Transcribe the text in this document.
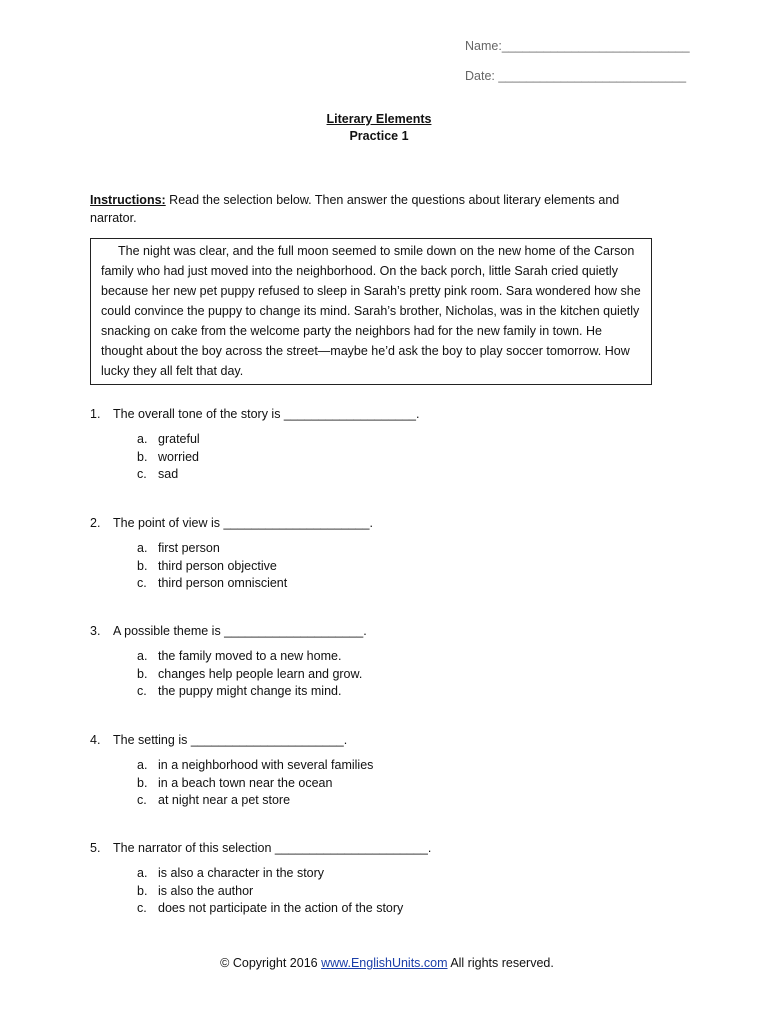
Name:___________________________
Date: ___________________________
Literary Elements
Practice 1
Instructions: Read the selection below. Then answer the questions about literary elements and narrator.

The night was clear, and the full moon seemed to smile down on the new home of the Carson family who had just moved into the neighborhood. On the back porch, little Sarah cried quietly because her new pet puppy refused to sleep in Sarah’s pretty pink room. Sara wondered how she could convince the puppy to change its mind. Sarah’s brother, Nicholas, was in the kitchen quietly snacking on cake from the welcome party the neighbors had for the new family in town. He thought about the boy across the street—maybe he’d ask the boy to play soccer tomorrow. How lucky they all felt that day.

1. The overall tone of the story is ___________________.
a. grateful
b. worried
c. sad
2. The point of view is _____________________.
a. first person
b. third person objective
c. third person omniscient
3. A possible theme is ____________________.
a. the family moved to a new home.
b. changes help people learn and grow.
c. the puppy might change its mind.
4. The setting is ______________________.
a. in a neighborhood with several families
b. in a beach town near the ocean
c. at night near a pet store
5. The narrator of this selection ______________________.
a. is also a character in the story
b. is also the author
c. does not participate in the action of the story
© Copyright 2016 www.EnglishUnits.com All rights reserved.
